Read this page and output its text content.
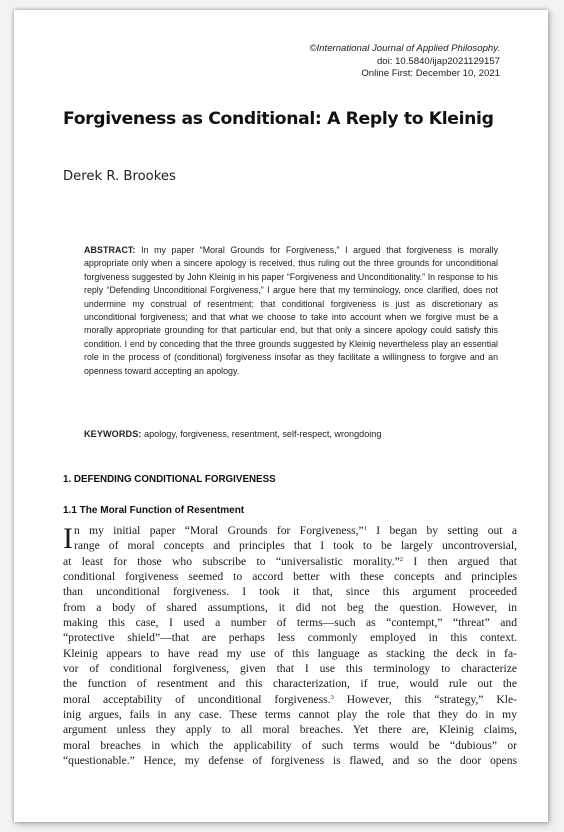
©International Journal of Applied Philosophy.
doi: 10.5840/ijap2021129157
Online First: December 10, 2021
Forgiveness as Conditional: A Reply to Kleinig

Derek R. Brookes

ABSTRACT: In my paper “Moral Grounds for Forgiveness,” I argued that forgiveness is morally appropriate only when a sincere apology is received, thus ruling out the three grounds for unconditional forgiveness suggested by John Kleinig in his paper “Forgiveness and Unconditionality.” In response to his reply “Defending Unconditional Forgiveness,” I argue here that my terminology, once clarified, does not undermine my construal of resentment; that conditional forgiveness is just as discretionary as unconditional forgiveness; and that what we choose to take into account when we forgive must be a morally appropriate grounding for that particular end, but that only a sincere apology could satisfy this condition. I end by conceding that the three grounds suggested by Kleinig nevertheless play an essential role in the process of (conditional) forgiveness insofar as they facilitate a willingness to forgive and an openness toward accepting an apology.

KEYWORDS: apology, forgiveness, resentment, self-respect, wrongdoing

1. DEFENDING CONDITIONAL FORGIVENESS
1.1 The Moral Function of Resentment
I n my initial paper “Moral Grounds for Forgiveness,”$^1$ I began by setting out a
range of moral concepts and principles that I took to be largely uncontroversial,
at least for those who subscribe to “universalistic morality.”$^2$ I then argued that
conditional forgiveness seemed to accord better with these concepts and principles
than unconditional forgiveness. I took it that, since this argument proceeded
from a body of shared assumptions, it did not beg the question. However, in
making this case, I used a number of terms—such as “contempt,” “threat” and
“protective shield”—that are perhaps less commonly employed in this context.
Kleinig appears to have read my use of this language as stacking the deck in fa-
vor of conditional forgiveness, given that I use this terminology to characterize
the function of resentment and this characterization, if true, would rule out the
moral acceptability of unconditional forgiveness.$^3$ However, this “strategy,” Kle-
inig argues, fails in any case. These terms cannot play the role that they do in my
argument unless they apply to all moral breaches. Yet there are, Kleinig claims,
moral breaches in which the applicability of such terms would be “dubious” or
“questionable.” Hence, my defense of forgiveness is flawed, and so the door opens
